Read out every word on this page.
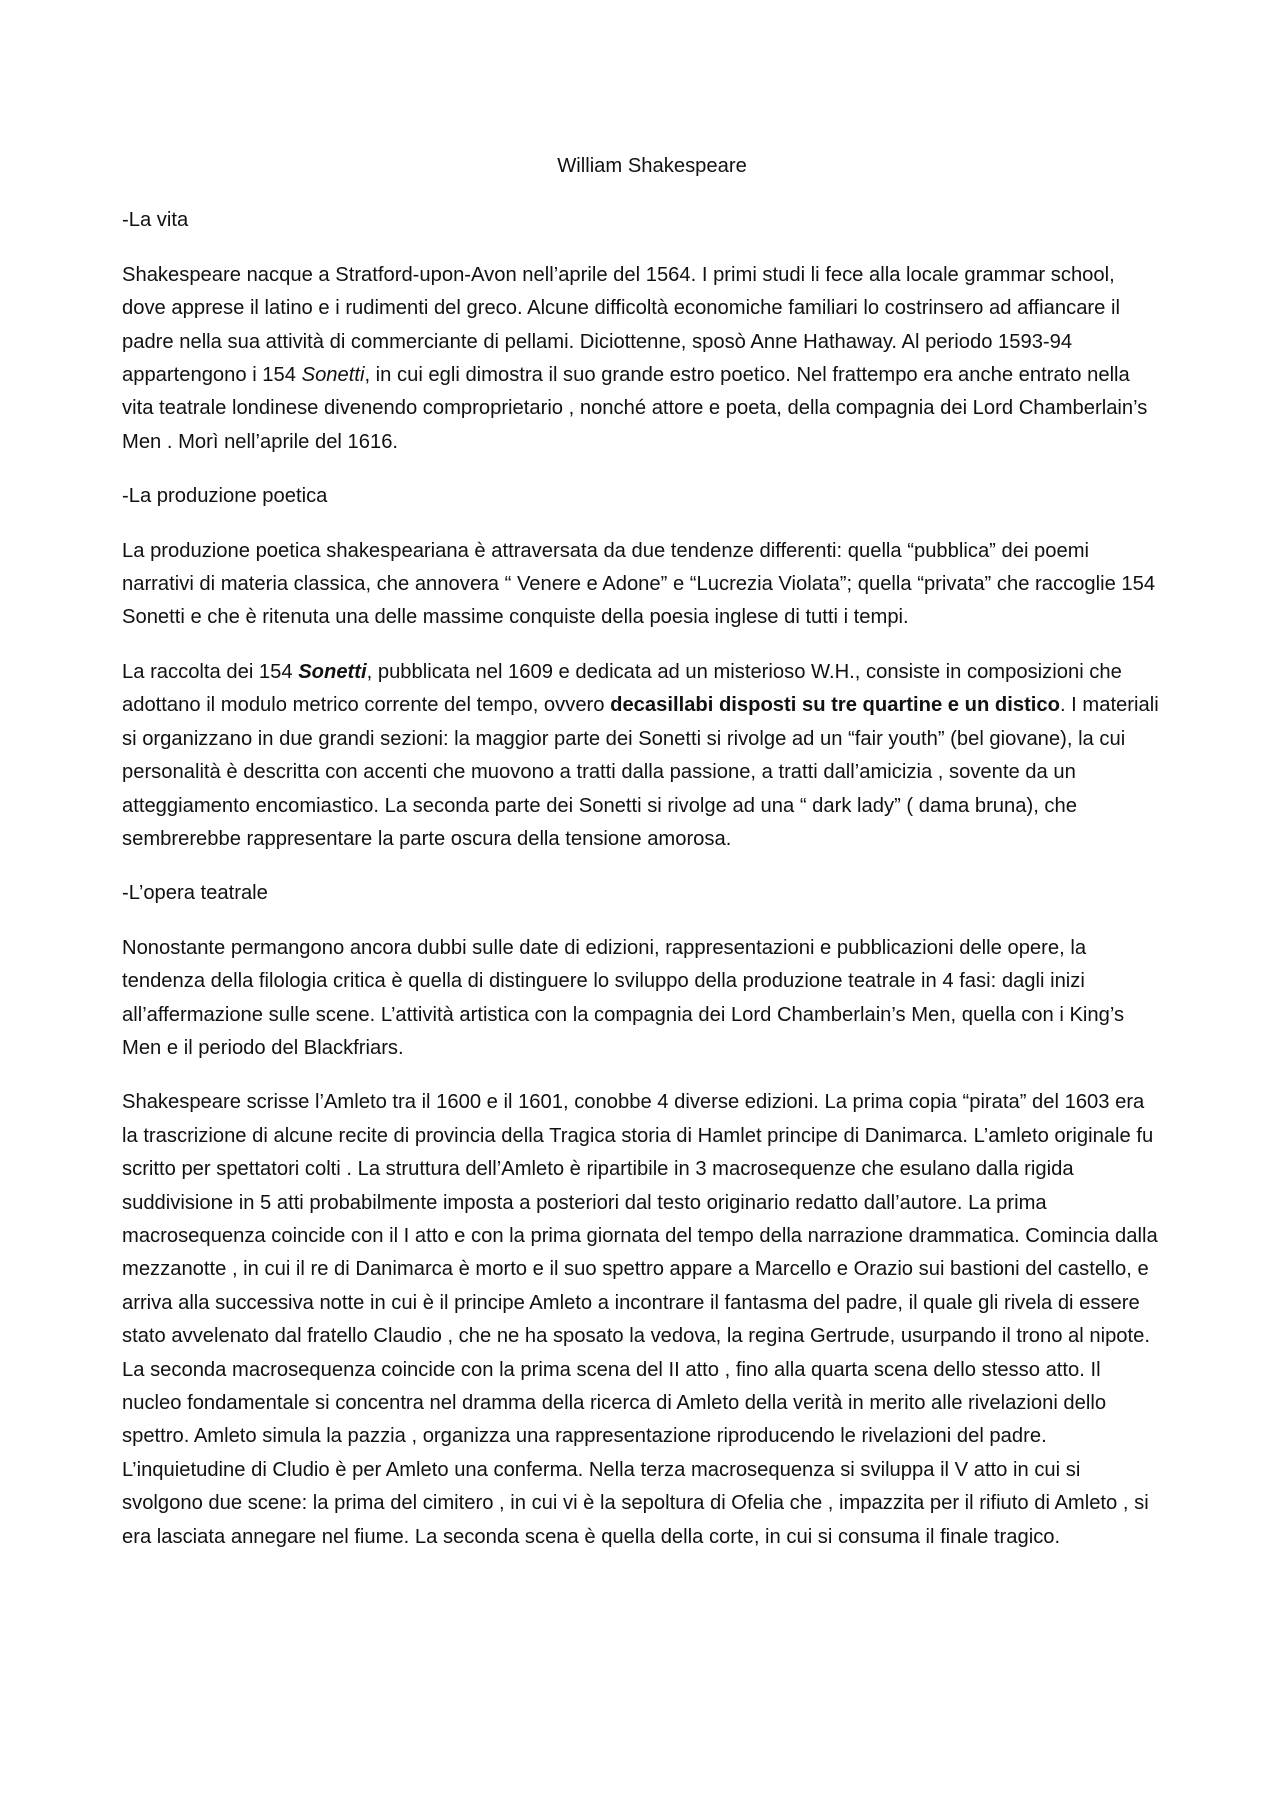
William Shakespeare
-La vita

Shakespeare nacque a Stratford-upon-Avon nell’aprile del 1564. I primi studi li fece alla locale grammar school, dove apprese il latino e i rudimenti del greco. Alcune difficoltà economiche familiari lo costrinsero ad affiancare il padre nella sua attività di commerciante di pellami. Diciottenne, sposò Anne Hathaway. Al periodo 1593-94 appartengono i 154 Sonetti, in cui egli dimostra il suo grande estro poetico. Nel frattempo era anche entrato nella vita teatrale londinese divenendo comproprietario , nonché attore e poeta, della compagnia dei Lord Chamberlain’s Men . Morì nell’aprile del 1616.

-La produzione poetica

La produzione poetica shakespeariana è attraversata da due tendenze differenti: quella “pubblica” dei poemi narrativi di materia classica, che annovera “ Venere e Adone” e “Lucrezia Violata”; quella “privata” che raccoglie 154 Sonetti e che è ritenuta una delle massime conquiste della poesia inglese di tutti i tempi.

La raccolta dei 154 Sonetti, pubblicata nel 1609 e dedicata ad un misterioso W.H., consiste in composizioni che adottano il modulo metrico corrente del tempo, ovvero decasillabi disposti su tre quartine e un distico. I materiali si organizzano in due grandi sezioni: la maggior parte dei Sonetti si rivolge ad un “fair youth” (bel giovane), la cui personalità è descritta con accenti che muovono a tratti dalla passione, a tratti dall’amicizia , sovente da un atteggiamento encomiastico. La seconda parte dei Sonetti si rivolge ad una “ dark lady” ( dama bruna), che sembrerebbe rappresentare la parte oscura della tensione amorosa.

-L’opera teatrale

Nonostante permangono ancora dubbi sulle date di edizioni, rappresentazioni e pubblicazioni delle opere, la tendenza della filologia critica è quella di distinguere lo sviluppo della produzione teatrale in 4 fasi: dagli inizi all’affermazione sulle scene. L’attività artistica con la compagnia dei Lord Chamberlain’s Men, quella con i King’s Men e il periodo del Blackfriars.

Shakespeare scrisse l’Amleto tra il 1600 e il 1601, conobbe 4 diverse edizioni. La prima copia “pirata” del 1603 era la trascrizione di alcune recite di provincia della Tragica storia di Hamlet principe di Danimarca. L’amleto originale fu scritto per spettatori colti . La struttura dell’Amleto è ripartibile in 3 macrosequenze che esulano dalla rigida suddivisione in 5 atti probabilmente imposta a posteriori dal testo originario redatto dall’autore. La prima macrosequenza coincide con il I atto e con la prima giornata del tempo della narrazione drammatica. Comincia dalla mezzanotte , in cui il re di Danimarca è morto e il suo spettro appare a Marcello e Orazio sui bastioni del castello, e arriva alla successiva notte in cui è il principe Amleto a incontrare il fantasma del padre, il quale gli rivela di essere stato avvelenato dal fratello Claudio , che ne ha sposato la vedova, la regina Gertrude, usurpando il trono al nipote. La seconda macrosequenza coincide con la prima scena del II atto , fino alla quarta scena dello stesso atto. Il nucleo fondamentale si concentra nel dramma della ricerca di Amleto della verità in merito alle rivelazioni dello spettro. Amleto simula la pazzia , organizza una rappresentazione riproducendo le rivelazioni del padre. L’inquietudine di Cludio è per Amleto una conferma. Nella terza macrosequenza si sviluppa il V atto in cui si svolgono due scene: la prima del cimitero , in cui vi è la sepoltura di Ofelia che , impazzita per il rifiuto di Amleto , si era lasciata annegare nel fiume. La seconda scena è quella della corte, in cui si consuma il finale tragico.
